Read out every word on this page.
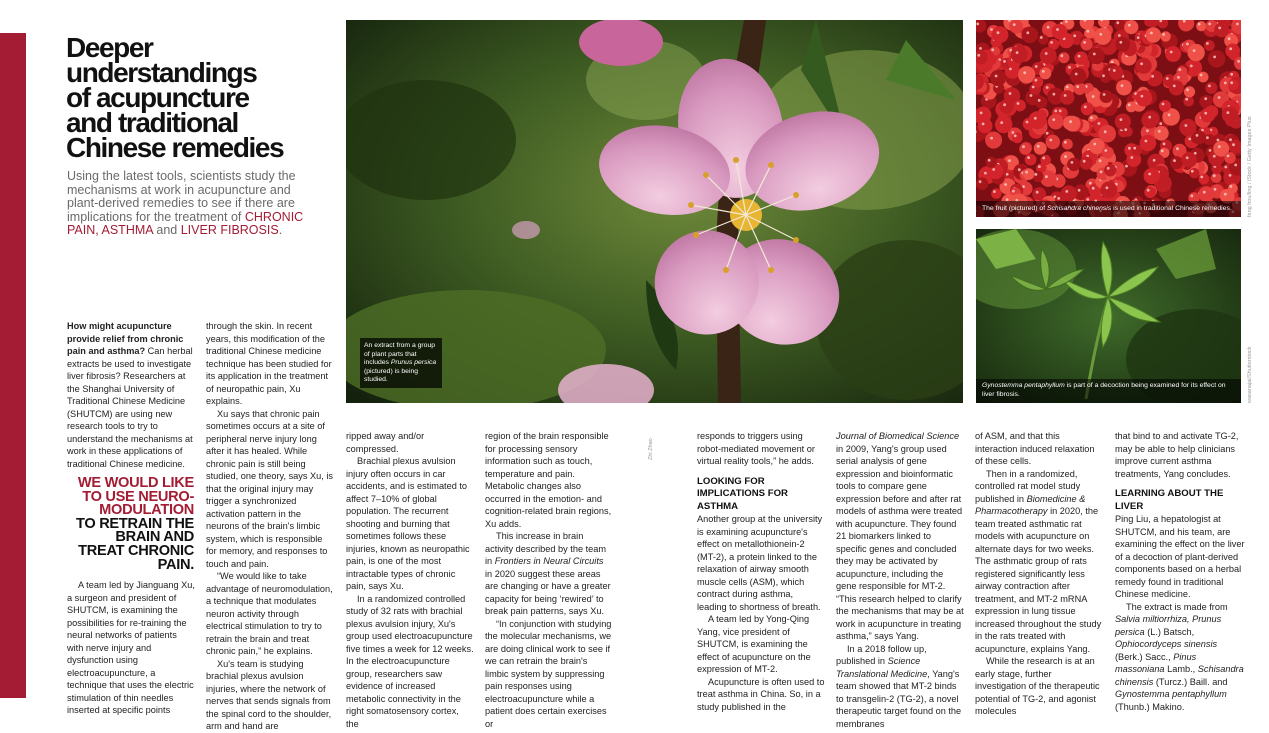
Deeper
understandings
of acupuncture
and traditional
Chinese remedies
Using the latest tools, scientists study the mechanisms at work in acupuncture and plant-derived remedies to see if there are implications for the treatment of CHRONIC PAIN, ASTHMA and LIVER FIBROSIS.
An extract from a group of plant parts that includes Prunus persica (pictured) is being studied.
Zhi Zhao
The fruit (pictured) of Schisandra chinensis is used in traditional Chinese remedies.	feng hou/ling / iStock / Getty Images Plus
Gynostemma pentaphyllum is part of a decoction being examined for its effect on liver fibrosis.	wasanajai/Shutterstock

How might acupuncture provide relief from chronic pain and asthma? Can herbal extracts be used to investigate liver fibrosis? Researchers at the Shanghai University of Traditional Chinese Medicine (SHUTCM) are using new research tools to try to understand the mechanisms at work in these applications of traditional Chinese medicine.

WE WOULD LIKE TO USE NEURO-MODULATION
TO RETRAIN THE BRAIN AND TREAT CHRONIC PAIN.

A team led by Jianguang Xu, a surgeon and president of SHUTCM, is examining the possibilities for re-training the neural networks of patients with nerve injury and dysfunction using electroacupuncture, a technique that uses the electric stimulation of thin needles inserted at specific points

through the skin. In recent years, this modification of the traditional Chinese medicine technique has been studied for its application in the treatment of neuropathic pain, Xu explains.

Xu says that chronic pain sometimes occurs at a site of peripheral nerve injury long after it has healed. While chronic pain is still being studied, one theory, says Xu, is that the original injury may trigger a synchronized activation pattern in the neurons of the brain's limbic system, which is responsible for memory, and responses to touch and pain.

“We would like to take advantage of neuromodulation, a technique that modulates neuron activity through electrical stimulation to try to retrain the brain and treat chronic pain,” he explains.

Xu's team is studying brachial plexus avulsion injuries, where the network of nerves that sends signals from the spinal cord to the shoulder, arm and hand are

ripped away and/or compressed.

Brachial plexus avulsion injury often occurs in car accidents, and is estimated to affect 7–10% of global population. The recurrent shooting and burning that sometimes follows these injuries, known as neuropathic pain, is one of the most intractable types of chronic pain, says Xu.

In a randomized controlled study of 32 rats with brachial plexus avulsion injury, Xu's group used electroacupuncture five times a week for 12 weeks. In the electroacupuncture group, researchers saw evidence of increased metabolic connectivity in the right somatosensory cortex, the

region of the brain responsible for processing sensory information such as touch, temperature and pain. Metabolic changes also occurred in the emotion- and cognition-related brain regions, Xu adds.

This increase in brain activity described by the team in Frontiers in Neural Circuits in 2020 suggest these areas are changing or have a greater capacity for being ‘rewired’ to break pain patterns, says Xu.

“In conjunction with studying the molecular mechanisms, we are doing clinical work to see if we can retrain the brain's limbic system by suppressing pain responses using electroacupuncture while a patient does certain exercises or

responds to triggers using robot-mediated movement or virtual reality tools,” he adds.

LOOKING FOR IMPLICATIONS FOR ASTHMA

Another group at the university is examining acupuncture's effect on metallothionein-2 (MT-2), a protein linked to the relaxation of airway smooth muscle cells (ASM), which contract during asthma, leading to shortness of breath.

A team led by Yong-Qing Yang, vice president of SHUTCM, is examining the effect of acupuncture on the expression of MT-2.

Acupuncture is often used to treat asthma in China. So, in a study published in the

Journal of Biomedical Science in 2009, Yang's group used serial analysis of gene expression and bioinformatic tools to compare gene expression before and after rat models of asthma were treated with acupuncture. They found 21 biomarkers linked to specific genes and concluded they may be activated by acupuncture, including the gene responsible for MT-2. “This research helped to clarify the mechanisms that may be at work in acupuncture in treating asthma,” says Yang.

In a 2018 follow up, published in Science Translational Medicine, Yang's team showed that MT-2 binds to transgelin-2 (TG-2), a novel therapeutic target found on the membranes

of ASM, and that this interaction induced relaxation of these cells.

Then in a randomized, controlled rat model study published in Biomedicine & Pharmacotherapy in 2020, the team treated asthmatic rat models with acupuncture on alternate days for two weeks. The asthmatic group of rats registered significantly less airway contraction after treatment, and MT-2 mRNA expression in lung tissue increased throughout the study in the rats treated with acupuncture, explains Yang.

While the research is at an early stage, further investigation of the therapeutic potential of TG-2, and agonist molecules

that bind to and activate TG-2, may be able to help clinicians improve current asthma treatments, Yang concludes.

LEARNING ABOUT THE LIVER

Ping Liu, a hepatologist at SHUTCM, and his team, are examining the effect on the liver of a decoction of plant-derived components based on a herbal remedy found in traditional Chinese medicine.

The extract is made from Salvia miltiorrhiza, Prunus persica (L.) Batsch, Ophiocordyceps sinensis (Berk.) Sacc., Pinus massoniana Lamb., Schisandra chinensis (Turcz.) Baill. and Gynostemma pentaphyllum (Thunb.) Makino.
